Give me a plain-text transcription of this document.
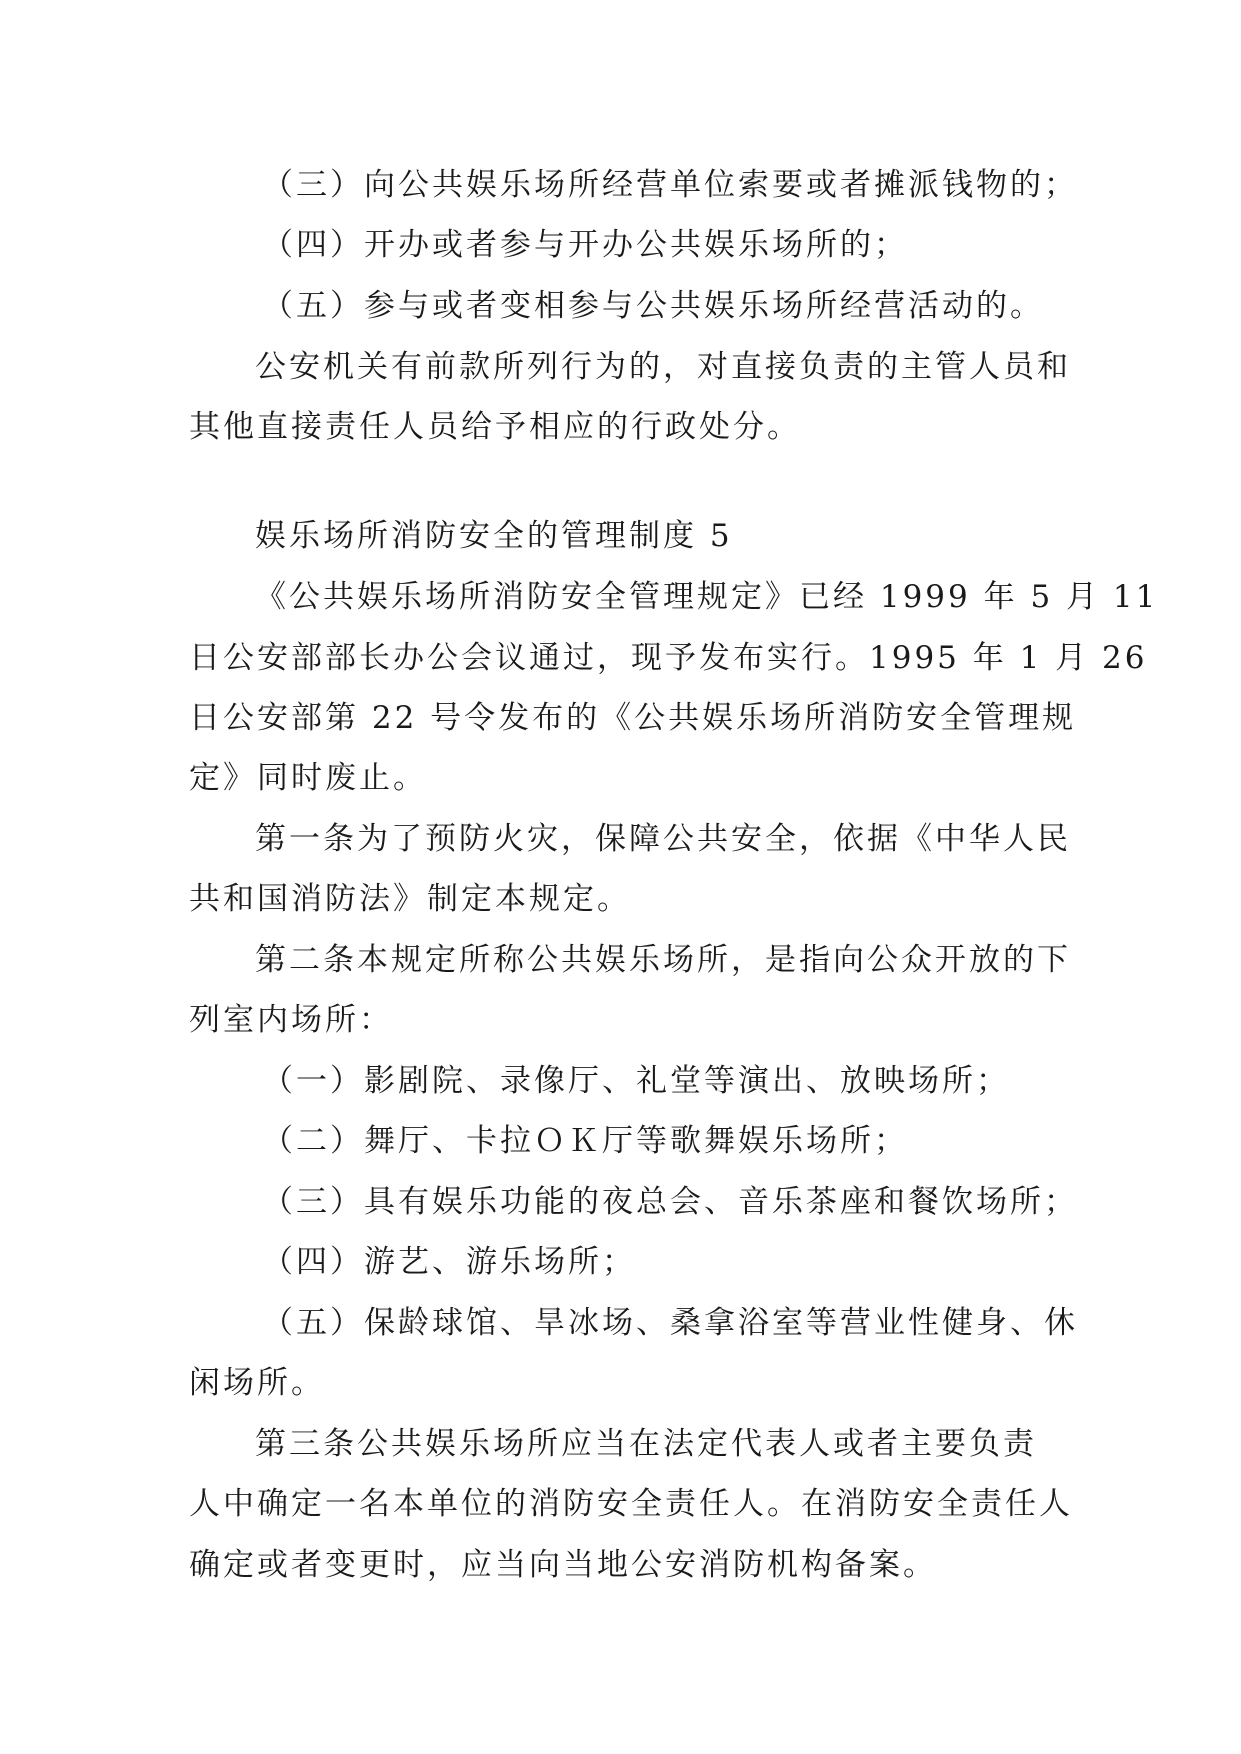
（三）向公共娱乐场所经营单位索要或者摊派钱物的；
（四）开办或者参与开办公共娱乐场所的；
（五）参与或者变相参与公共娱乐场所经营活动的。
公安机关有前款所列行为的，对直接负责的主管人员和
其他直接责任人员给予相应的行政处分。
娱乐场所消防安全的管理制度 5
《公共娱乐场所消防安全管理规定》已经 1999 年 5 月 11
日公安部部长办公会议通过，现予发布实行。1995 年 1 月 26
日公安部第 22 号令发布的《公共娱乐场所消防安全管理规
定》同时废止。
第一条为了预防火灾，保障公共安全，依据《中华人民
共和国消防法》制定本规定。
第二条本规定所称公共娱乐场所，是指向公众开放的下
列室内场所：
（一）影剧院、录像厅、礼堂等演出、放映场所；
（二）舞厅、卡拉ＯＫ厅等歌舞娱乐场所；
（三）具有娱乐功能的夜总会、音乐茶座和餐饮场所；
（四）游艺、游乐场所；
（五）保龄球馆、旱冰场、桑拿浴室等营业性健身、休
闲场所。
第三条公共娱乐场所应当在法定代表人或者主要负责
人中确定一名本单位的消防安全责任人。在消防安全责任人
确定或者变更时，应当向当地公安消防机构备案。
